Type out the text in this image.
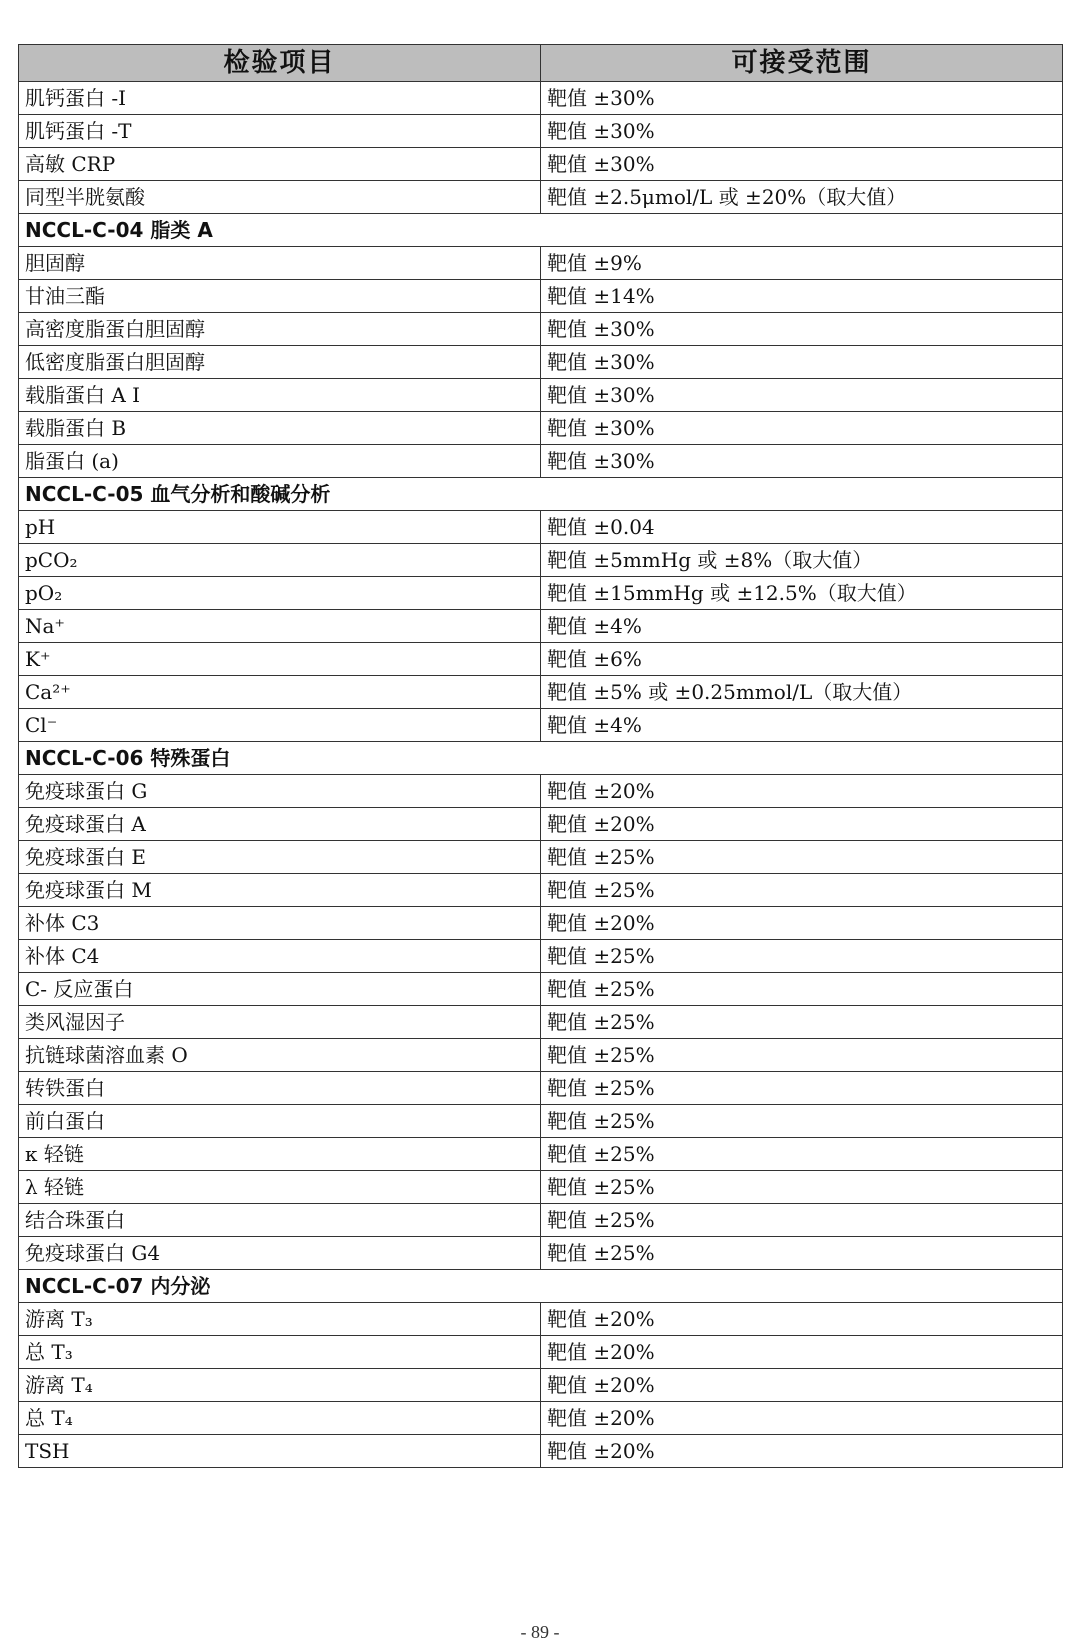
检验项目	可接受范围
肌钙蛋白 -I	靶值 ±30%
肌钙蛋白 -T	靶值 ±30%
高敏 CRP	靶值 ±30%
同型半胱氨酸	靶值 ±2.5μmol/L 或 ±20%（取大值）
NCCL-C-04 脂类 A	
胆固醇	靶值 ±9%
甘油三酯	靶值 ±14%
高密度脂蛋白胆固醇	靶值 ±30%
低密度脂蛋白胆固醇	靶值 ±30%
载脂蛋白 A I	靶值 ±30%
载脂蛋白 B	靶值 ±30%
脂蛋白 (a)	靶值 ±30%
NCCL-C-05 血气分析和酸碱分析	
pH	靶值 ±0.04
pCO₂	靶值 ±5mmHg 或 ±8%（取大值）
pO₂	靶值 ±15mmHg 或 ±12.5%（取大值）
Na⁺	靶值 ±4%
K⁺	靶值 ±6%
Ca²⁺	靶值 ±5% 或 ±0.25mmol/L（取大值）
Cl⁻	靶值 ±4%
NCCL-C-06 特殊蛋白	
免疫球蛋白 G	靶值 ±20%
免疫球蛋白 A	靶值 ±20%
免疫球蛋白 E	靶值 ±25%
免疫球蛋白 M	靶值 ±25%
补体 C3	靶值 ±20%
补体 C4	靶值 ±25%
C- 反应蛋白	靶值 ±25%
类风湿因子	靶值 ±25%
抗链球菌溶血素 O	靶值 ±25%
转铁蛋白	靶值 ±25%
前白蛋白	靶值 ±25%
κ 轻链	靶值 ±25%
λ 轻链	靶值 ±25%
结合珠蛋白	靶值 ±25%
免疫球蛋白 G4	靶值 ±25%
NCCL-C-07 内分泌	
游离 T₃	靶值 ±20%
总 T₃	靶值 ±20%
游离 T₄	靶值 ±20%
总 T₄	靶值 ±20%
TSH	靶值 ±20%
- 89 -
